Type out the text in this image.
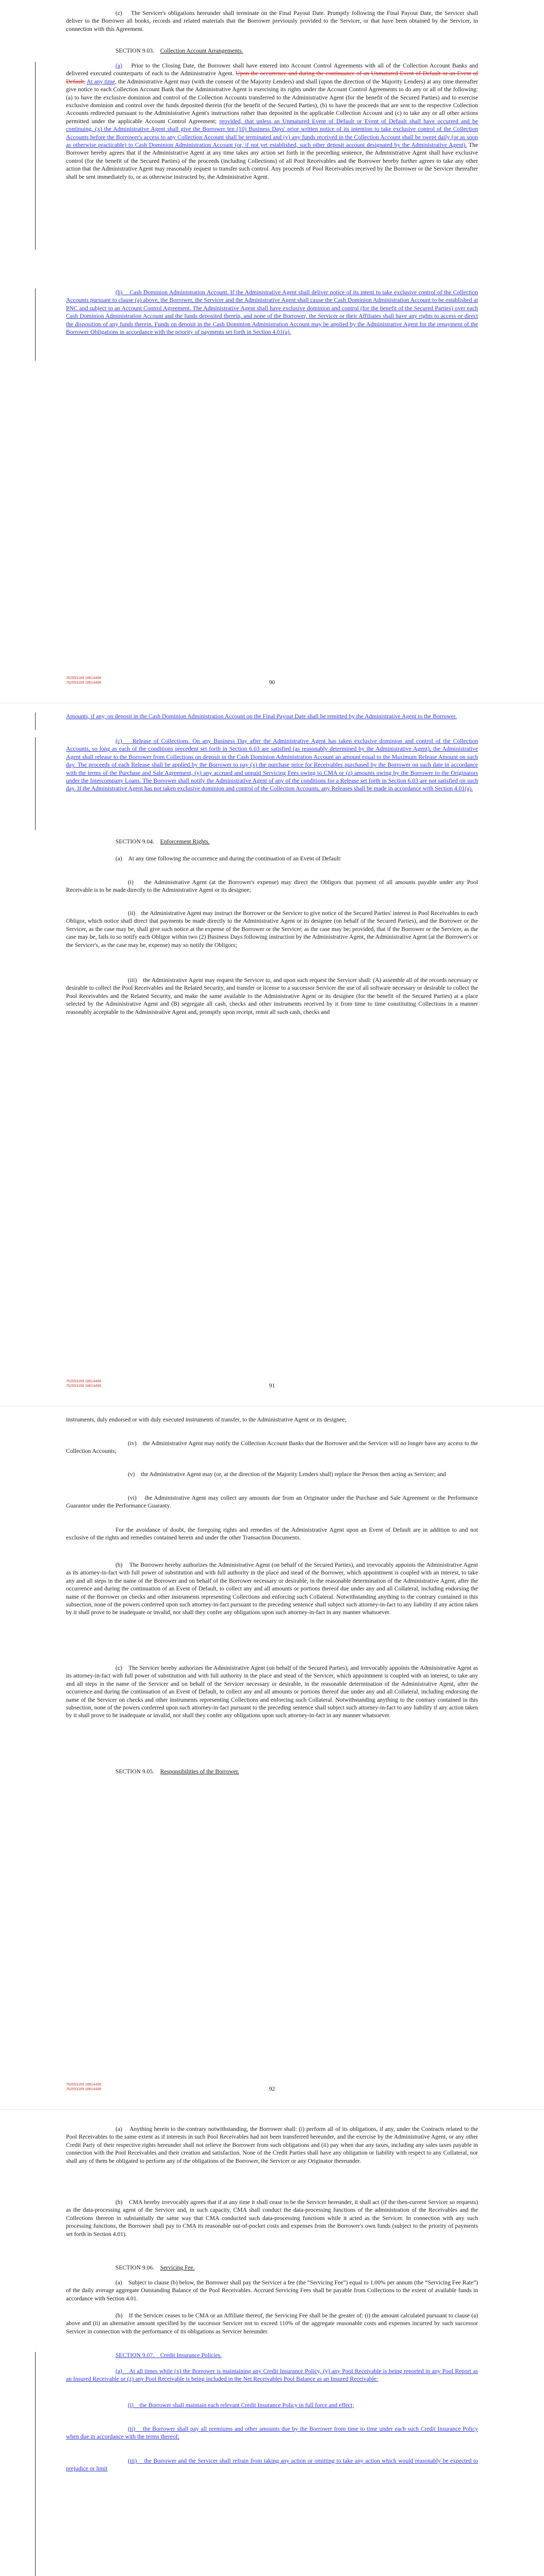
(c)    The Servicer's obligations hereunder shall terminate on the Final Payout Date. Promptly following the Final Payout Date, the Servicer shall deliver to the Borrower all books, records and related materials that the Borrower previously provided to the Servicer, or that have been obtained by the Servicer, in connection with this Agreement.

SECTION 9.03. Collection Account Arrangements.

(a) Prior to the Closing Date, the Borrower shall have entered into Account Control Agreements with all of the Collection Account Banks and delivered executed counterparts of each to the Administrative Agent. Upon the occurrence and during the continuance of an Unmatured Event of Default or an Event of Default, At any time, the Administrative Agent may (with the consent of the Majority Lenders) and shall (upon the direction of the Majority Lenders) at any time thereafter give notice to each Collection Account Bank that the Administrative Agent is exercising its rights under the Account Control Agreements to do any or all of the following: (a) to have the exclusive dominion and control of the Collection Accounts transferred to the Administrative Agent (for the benefit of the Secured Parties) and to exercise exclusive dominion and control over the funds deposited therein (for the benefit of the Secured Parties), (b) to have the proceeds that are sent to the respective Collection Accounts redirected pursuant to the Administrative Agent's instructions rather than deposited in the applicable Collection Account and (c) to take any or all other actions permitted under the applicable Account Control Agreement; provided, that unless an Unmatured Event of Default or Event of Default shall have occurred and be continuing, (x) the Administrative Agent shall give the Borrower ten (10) Business Days' prior written notice of its intention to take exclusive control of the Collection Accounts before the Borrower's access to any Collection Account shall be terminated and (y) any funds received in the Collection Account shall be swept daily (or as soon as otherwise practicable) to Cash Dominion Administration Account (or, if not yet established, such other deposit account designated by the Administrative Agent). The Borrower hereby agrees that if the Administrative Agent at any time takes any action set forth in the preceding sentence, the Administrative Agent shall have exclusive control (for the benefit of the Secured Parties) of the proceeds (including Collections) of all Pool Receivables and the Borrower hereby further agrees to take any other action that the Administrative Agent may reasonably request to transfer such control. Any proceeds of Pool Receivables received by the Borrower or the Servicer thereafter shall be sent immediately to, or as otherwise instructed by, the Administrative Agent.

(b)    Cash Dominion Administration Account. If the Administrative Agent shall deliver notice of its intent to take exclusive control of the Collection Accounts pursuant to clause (a) above, the Borrower, the Servicer and the Administrative Agent shall cause the Cash Dominion Administration Account to be established at PNC and subject to an Account Control Agreement. The Administrative Agent shall have exclusive dominion and control (for the benefit of the Secured Parties) over each Cash Dominion Administration Account and the funds deposited therein, and none of the Borrower, the Servicer or their Affiliates shall have any rights to access or direct the disposition of any funds therein. Funds on deposit in the Cash Dominion Administration Account may be applied by the Administrative Agent for the repayment of the Borrower Obligations in accordance with the priority of payments set forth in Section 4.01(a).

90
762553169 18614408
762553169 18614408

Amounts, if any, on deposit in the Cash Dominion Administration Account on the Final Payout Date shall be remitted by the Administrative Agent to the Borrower.

(c)    Release of Collections. On any Business Day after the Administrative Agent has taken exclusive dominion and control of the Collection Accounts, so long as each of the conditions precedent set forth in Section 6.03 are satisfied (as reasonably determined by the Administrative Agent), the Administrative Agent shall release to the Borrower from Collections on deposit in the Cash Dominion Administration Account an amount equal to the Maximum Release Amount on such day. The proceeds of each Release shall be applied by the Borrower to pay (x) the purchase price for Receivables purchased by the Borrower on such date in accordance with the terms of the Purchase and Sale Agreement, (y) any accrued and unpaid Servicing Fees owing to CMA or (z) amounts owing by the Borrower to the Originators under the Intercompany Loans. The Borrower shall notify the Administrative Agent of any of the conditions for a Release set forth in Section 6.03 are not satisfied on such day. If the Administrative Agent has not taken exclusive dominion and control of the Collection Accounts, any Releases shall be made in accordance with Section 4.01(a).

SECTION 9.04. Enforcement Rights.

(a)    At any time following the occurrence and during the continuation of an Event of Default:

(i)    the Administrative Agent (at the Borrower's expense) may direct the Obligors that payment of all amounts payable under any Pool Receivable is to be made directly to the Administrative Agent or its designee;

(ii)    the Administrative Agent may instruct the Borrower or the Servicer to give notice of the Secured Parties' interest in Pool Receivables to each Obligor, which notice shall direct that payments be made directly to the Administrative Agent or its designee (on behalf of the Secured Parties), and the Borrower or the Servicer, as the case may be, shall give such notice at the expense of the Borrower or the Servicer, as the case may be; provided, that if the Borrower or the Servicer, as the case may be, fails to so notify each Obligor within two (2) Business Days following instruction by the Administrative Agent, the Administrative Agent (at the Borrower's or the Servicer's, as the case may be, expense) may so notify the Obligors;

(iii)    the Administrative Agent may request the Servicer to, and upon such request the Servicer shall: (A) assemble all of the records necessary or desirable to collect the Pool Receivables and the Related Security, and transfer or license to a successor Servicer the use of all software necessary or desirable to collect the Pool Receivables and the Related Security, and make the same available to the Administrative Agent or its designee (for the benefit of the Secured Parties) at a place selected by the Administrative Agent and (B) segregate all cash, checks and other instruments received by it from time to time constituting Collections in a manner reasonably acceptable to the Administrative Agent and, promptly upon receipt, remit all such cash, checks and

91
762553169 18614408
762553169 18614408

instruments, duly endorsed or with duly executed instruments of transfer, to the Administrative Agent or its designee;

(iv)    the Administrative Agent may notify the Collection Account Banks that the Borrower and the Servicer will no longer have any access to the Collection Accounts;

(v)    the Administrative Agent may (or, at the direction of the Majority Lenders shall) replace the Person then acting as Servicer; and

(vi)    the Administrative Agent may collect any amounts due from an Originator under the Purchase and Sale Agreement or the Performance Guarantor under the Performance Guaranty.

For the avoidance of doubt, the foregoing rights and remedies of the Administrative Agent upon an Event of Default are in addition to and not exclusive of the rights and remedies contained herein and under the other Transaction Documents.

(b)    The Borrower hereby authorizes the Administrative Agent (on behalf of the Secured Parties), and irrevocably appoints the Administrative Agent as its attorney-in-fact with full power of substitution and with full authority in the place and stead of the Borrower, which appointment is coupled with an interest, to take any and all steps in the name of the Borrower and on behalf of the Borrower necessary or desirable, in the reasonable determination of the Administrative Agent, after the occurrence and during the continuation of an Event of Default, to collect any and all amounts or portions thereof due under any and all Collateral, including endorsing the name of the Borrower on checks and other instruments representing Collections and enforcing such Collateral. Notwithstanding anything to the contrary contained in this subsection, none of the powers conferred upon such attorney-in-fact pursuant to the preceding sentence shall subject such attorney-in-fact to any liability if any action taken by it shall prove to be inadequate or invalid, nor shall they confer any obligations upon such attorney-in-fact in any manner whatsoever.

(c)    The Servicer hereby authorizes the Administrative Agent (on behalf of the Secured Parties), and irrevocably appoints the Administrative Agent as its attorney-in-fact with full power of substitution and with full authority in the place and stead of the Servicer, which appointment is coupled with an interest, to take any and all steps in the name of the Servicer and on behalf of the Servicer necessary or desirable, in the reasonable determination of the Administrative Agent, after the occurrence and during the continuation of an Event of Default, to collect any and all amounts or portions thereof due under any and all Collateral, including endorsing the name of the Servicer on checks and other instruments representing Collections and enforcing such Collateral. Notwithstanding anything to the contrary contained in this subsection, none of the powers conferred upon such attorney-in-fact pursuant to the preceding sentence shall subject such attorney-in-fact to any liability if any action taken by it shall prove to be inadequate or invalid, nor shall they confer any obligations upon such attorney-in-fact in any manner whatsoever.

SECTION 9.05. Responsibilities of the Borrower.

92
762553169 18614408
762553169 18614408

(a)    Anything herein to the contrary notwithstanding, the Borrower shall: (i) perform all of its obligations, if any, under the Contracts related to the Pool Receivables to the same extent as if interests in such Pool Receivables had not been transferred hereunder, and the exercise by the Administrative Agent, or any other Credit Party of their respective rights hereunder shall not relieve the Borrower from such obligations and (ii) pay when due any taxes, including any sales taxes payable in connection with the Pool Receivables and their creation and satisfaction. None of the Credit Parties shall have any obligation or liability with respect to any Collateral, nor shall any of them be obligated to perform any of the obligations of the Borrower, the Servicer or any Originator thereunder.

(b)    CMA hereby irrevocably agrees that if at any time it shall cease to be the Servicer hereunder, it shall act (if the then-current Servicer so requests) as the data-processing agent of the Servicer and, in such capacity, CMA shall conduct the data-processing functions of the administration of the Receivables and the Collections thereon in substantially the same way that CMA conducted such data-processing functions while it acted as the Servicer. In connection with any such processing functions, the Borrower shall pay to CMA its reasonable out-of-pocket costs and expenses from the Borrower's own funds (subject to the priority of payments set forth in Section 4.01).

SECTION 9.06. Servicing Fee.

(a)    Subject to clause (b) below, the Borrower shall pay the Servicer a fee (the “Servicing Fee”) equal to 1.00% per annum (the “Servicing Fee Rate”) of the daily average aggregate Outstanding Balance of the Pool Receivables. Accrued Servicing Fees shall be payable from Collections to the extent of available funds in accordance with Section 4.01.

(b)    If the Servicer ceases to be CMA or an Affiliate thereof, the Servicing Fee shall be the greater of: (i) the amount calculated pursuant to clause (a) above and (ii) an alternative amount specified by the successor Servicer not to exceed 110% of the aggregate reasonable costs and expenses incurred by such successor Servicer in connection with the performance of its obligations as Servicer hereunder.

SECTION 9.07. Credit Insurance Policies.

(a)    At all times while (x) the Borrower is maintaining any Credit Insurance Policy, (y) any Pool Receivable is being reported in any Pool Report as an Insured Receivable or (z) any Pool Receivable is being included in the Net Receivables Pool Balance as an Insured Receivable:

(i)    the Borrower shall maintain each relevant Credit Insurance Policy in full force and effect;

(ii)    the Borrower shall pay all premiums and other amounts due by the Borrower from time to time under each such Credit Insurance Policy when due in accordance with the terms thereof;

(iii)    the Borrower and the Servicer shall refrain from taking any action or omitting to take any action which would reasonably be expected to prejudice or limit
